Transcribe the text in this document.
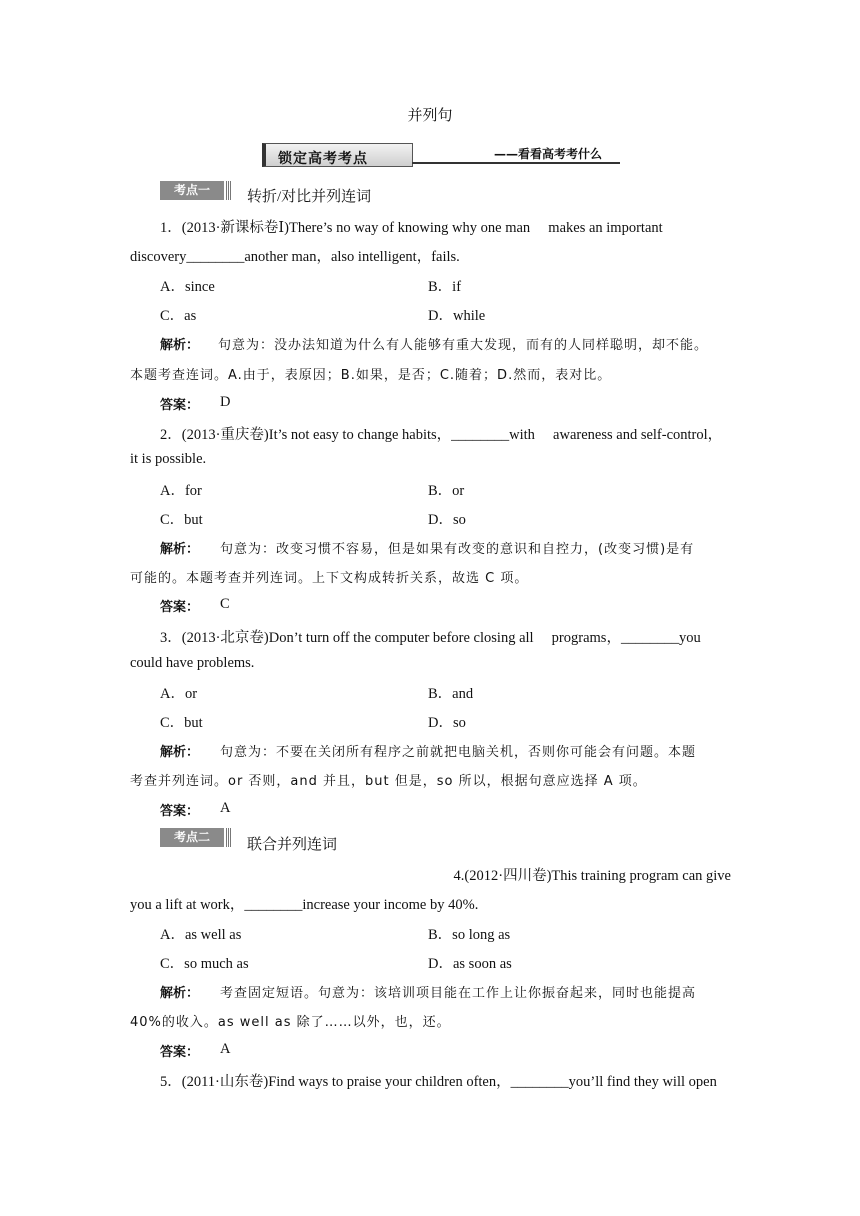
并列句
锁定高考考点	——看看高考考什么
考点一	转折/对比并列连词
1．(2013·新课标卷Ⅰ)There’s no way of knowing why one man　 makes an important
discovery________another man，also intelligent，fails.
A．since	B．if
C．as	D．while
解析： 句意为：没办法知道为什么有人能够有重大发现，而有的人同样聪明，却不能。
本题考查连词。A.由于，表原因；B.如果，是否；C.随着；D.然而，表对比。
答案： D
2．(2013·重庆卷)It’s not easy to change habits，________with　 awareness and self-control，
it is possible.
A．for	B．or
C．but	D．so
解析： 句意为：改变习惯不容易，但是如果有改变的意识和自控力，(改变习惯)是有
可能的。本题考查并列连词。上下文构成转折关系，故选 C 项。
答案： C
3．(2013·北京卷)Don’t turn off the computer before closing all　 programs，________you
could have problems.
A．or	B．and
C．but	D．so
解析： 句意为：不要在关闭所有程序之前就把电脑关机，否则你可能会有问题。本题
考查并列连词。or 否则，and 并且，but 但是，so 所以，根据句意应选择 A 项。
答案： A
考点二	联合并列连词
4.(2012·四川卷)This training program can give
you a lift at work，________increase your income by 40%.
A．as well as	B．so long as
C．so much as	D．as soon as
解析： 考查固定短语。句意为：该培训项目能在工作上让你振奋起来，同时也能提高
40%的收入。as well as 除了……以外，也，还。
答案： A
5．(2011·山东卷)Find ways to praise your children often，________you’ll find they will open
